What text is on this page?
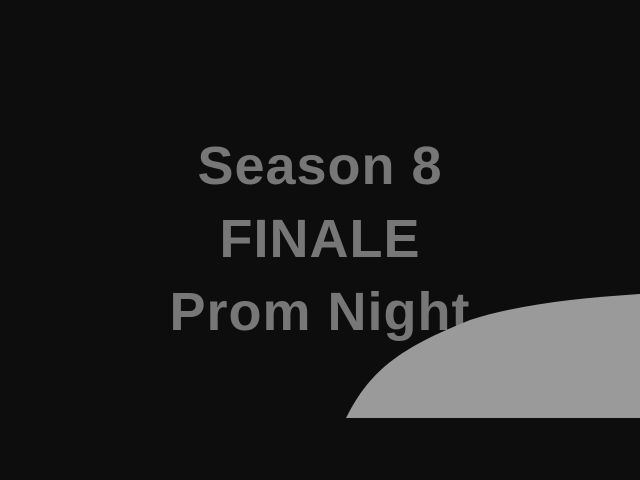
Season 8
FINALE
Prom Night
